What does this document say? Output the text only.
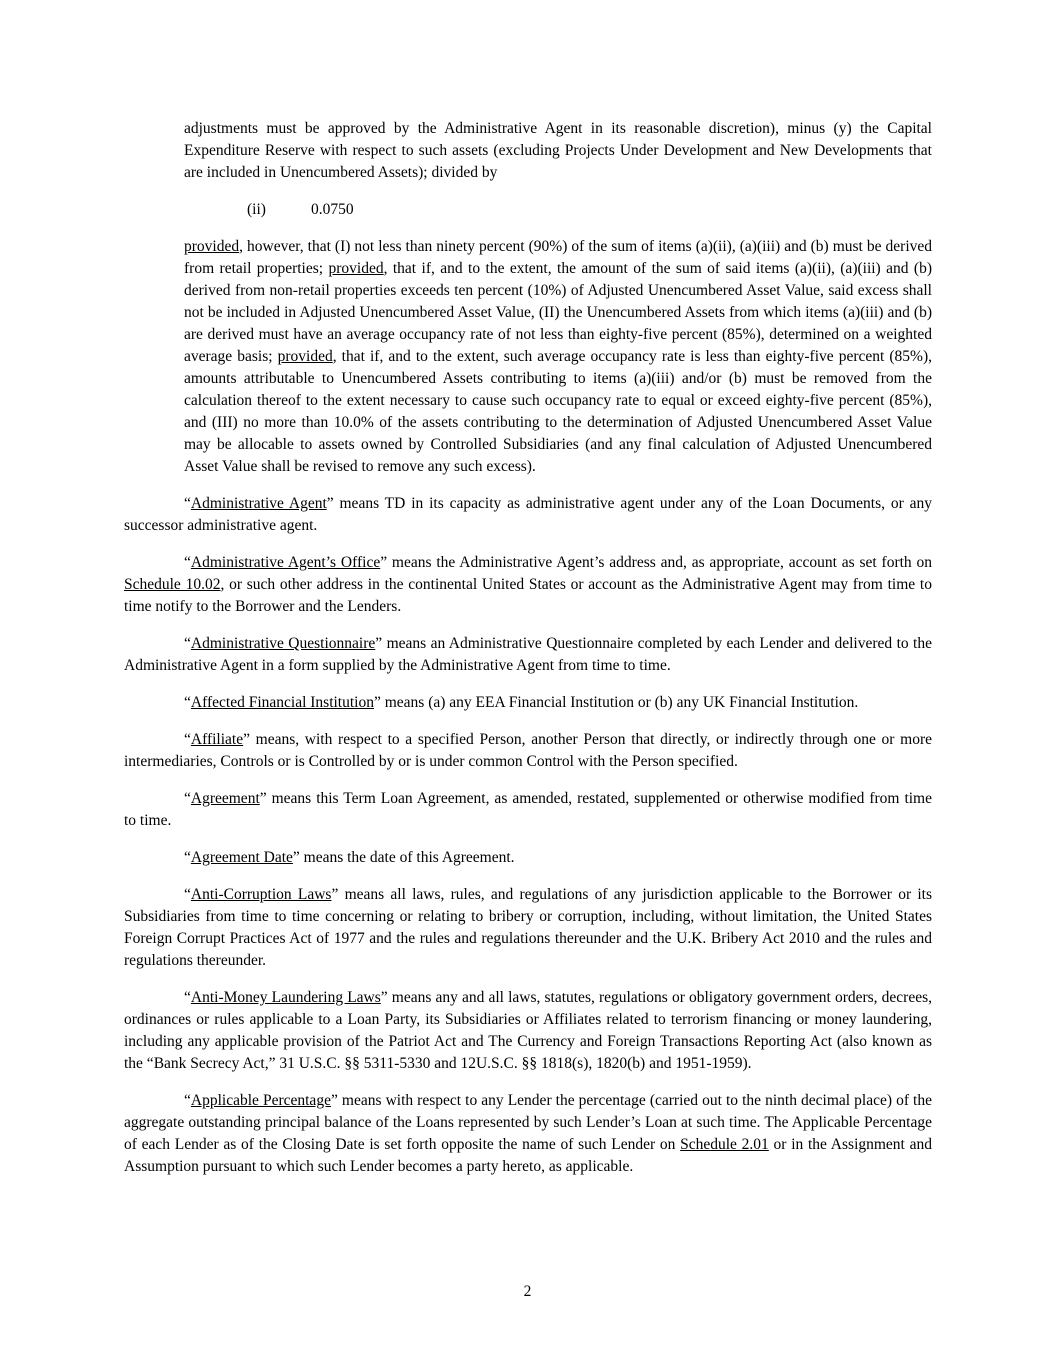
adjustments must be approved by the Administrative Agent in its reasonable discretion), minus (y) the Capital Expenditure Reserve with respect to such assets (excluding Projects Under Development and New Developments that are included in Unencumbered Assets); divided by

(ii)	0.0750

provided, however, that (I) not less than ninety percent (90%) of the sum of items (a)(ii), (a)(iii) and (b) must be derived from retail properties; provided, that if, and to the extent, the amount of the sum of said items (a)(ii), (a)(iii) and (b) derived from non-retail properties exceeds ten percent (10%) of Adjusted Unencumbered Asset Value, said excess shall not be included in Adjusted Unencumbered Asset Value, (II) the Unencumbered Assets from which items (a)(iii) and (b) are derived must have an average occupancy rate of not less than eighty-five percent (85%), determined on a weighted average basis; provided, that if, and to the extent, such average occupancy rate is less than eighty-five percent (85%), amounts attributable to Unencumbered Assets contributing to items (a)(iii) and/or (b) must be removed from the calculation thereof to the extent necessary to cause such occupancy rate to equal or exceed eighty-five percent (85%), and (III) no more than 10.0% of the assets contributing to the determination of Adjusted Unencumbered Asset Value may be allocable to assets owned by Controlled Subsidiaries (and any final calculation of Adjusted Unencumbered Asset Value shall be revised to remove any such excess).

“Administrative Agent” means TD in its capacity as administrative agent under any of the Loan Documents, or any successor administrative agent.

“Administrative Agent’s Office” means the Administrative Agent’s address and, as appropriate, account as set forth on Schedule 10.02, or such other address in the continental United States or account as the Administrative Agent may from time to time notify to the Borrower and the Lenders.

“Administrative Questionnaire” means an Administrative Questionnaire completed by each Lender and delivered to the Administrative Agent in a form supplied by the Administrative Agent from time to time.

“Affected Financial Institution” means (a) any EEA Financial Institution or (b) any UK Financial Institution.

“Affiliate” means, with respect to a specified Person, another Person that directly, or indirectly through one or more intermediaries, Controls or is Controlled by or is under common Control with the Person specified.

“Agreement” means this Term Loan Agreement, as amended, restated, supplemented or otherwise modified from time to time.

“Agreement Date” means the date of this Agreement.

“Anti-Corruption Laws” means all laws, rules, and regulations of any jurisdiction applicable to the Borrower or its Subsidiaries from time to time concerning or relating to bribery or corruption, including, without limitation, the United States Foreign Corrupt Practices Act of 1977 and the rules and regulations thereunder and the U.K. Bribery Act 2010 and the rules and regulations thereunder.

“Anti-Money Laundering Laws” means any and all laws, statutes, regulations or obligatory government orders, decrees, ordinances or rules applicable to a Loan Party, its Subsidiaries or Affiliates related to terrorism financing or money laundering, including any applicable provision of the Patriot Act and The Currency and Foreign Transactions Reporting Act (also known as the “Bank Secrecy Act,” 31 U.S.C. §§ 5311-5330 and 12U.S.C. §§ 1818(s), 1820(b) and 1951-1959).

“Applicable Percentage” means with respect to any Lender the percentage (carried out to the ninth decimal place) of the aggregate outstanding principal balance of the Loans represented by such Lender’s Loan at such time. The Applicable Percentage of each Lender as of the Closing Date is set forth opposite the name of such Lender on Schedule 2.01 or in the Assignment and Assumption pursuant to which such Lender becomes a party hereto, as applicable.

2
